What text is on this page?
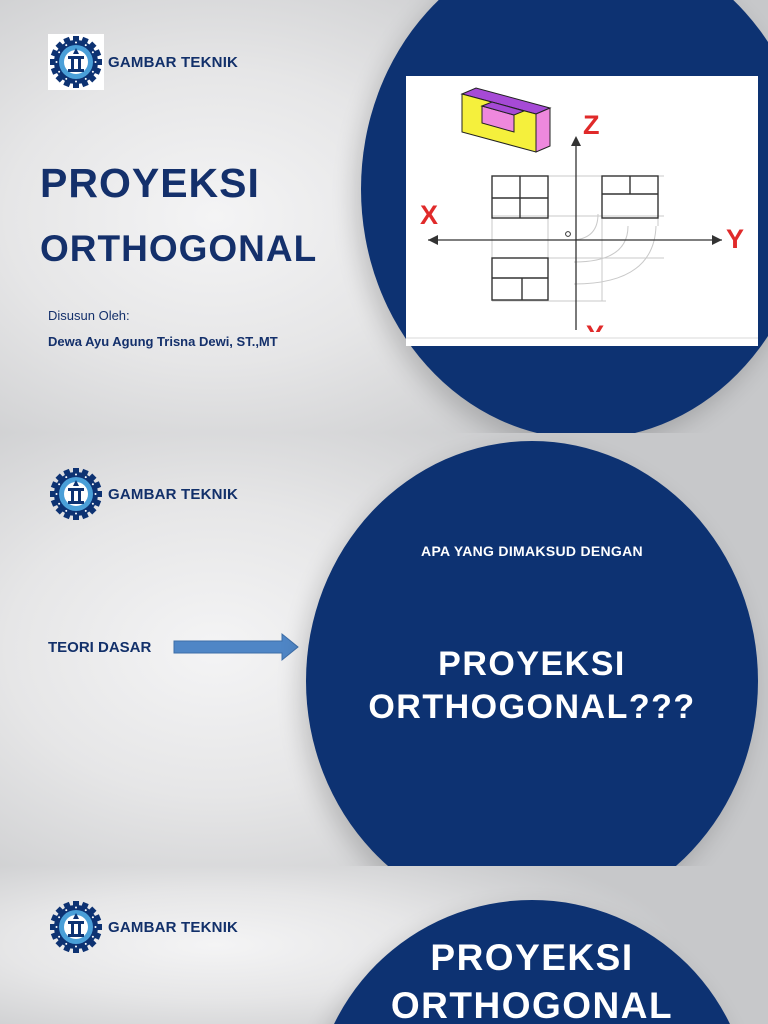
GAMBAR TEKNIK
PROYEKSI
ORTHOGONAL
Disusun Oleh:
Dewa Ayu Agung Trisna Dewi, ST.,MT
Z
X
Y
GAMBAR TEKNIK
TEORI DASAR
APA YANG DIMAKSUD DENGAN
PROYEKSI
ORTHOGONAL???
GAMBAR TEKNIK
PROYEKSI
ORTHOGONAL
